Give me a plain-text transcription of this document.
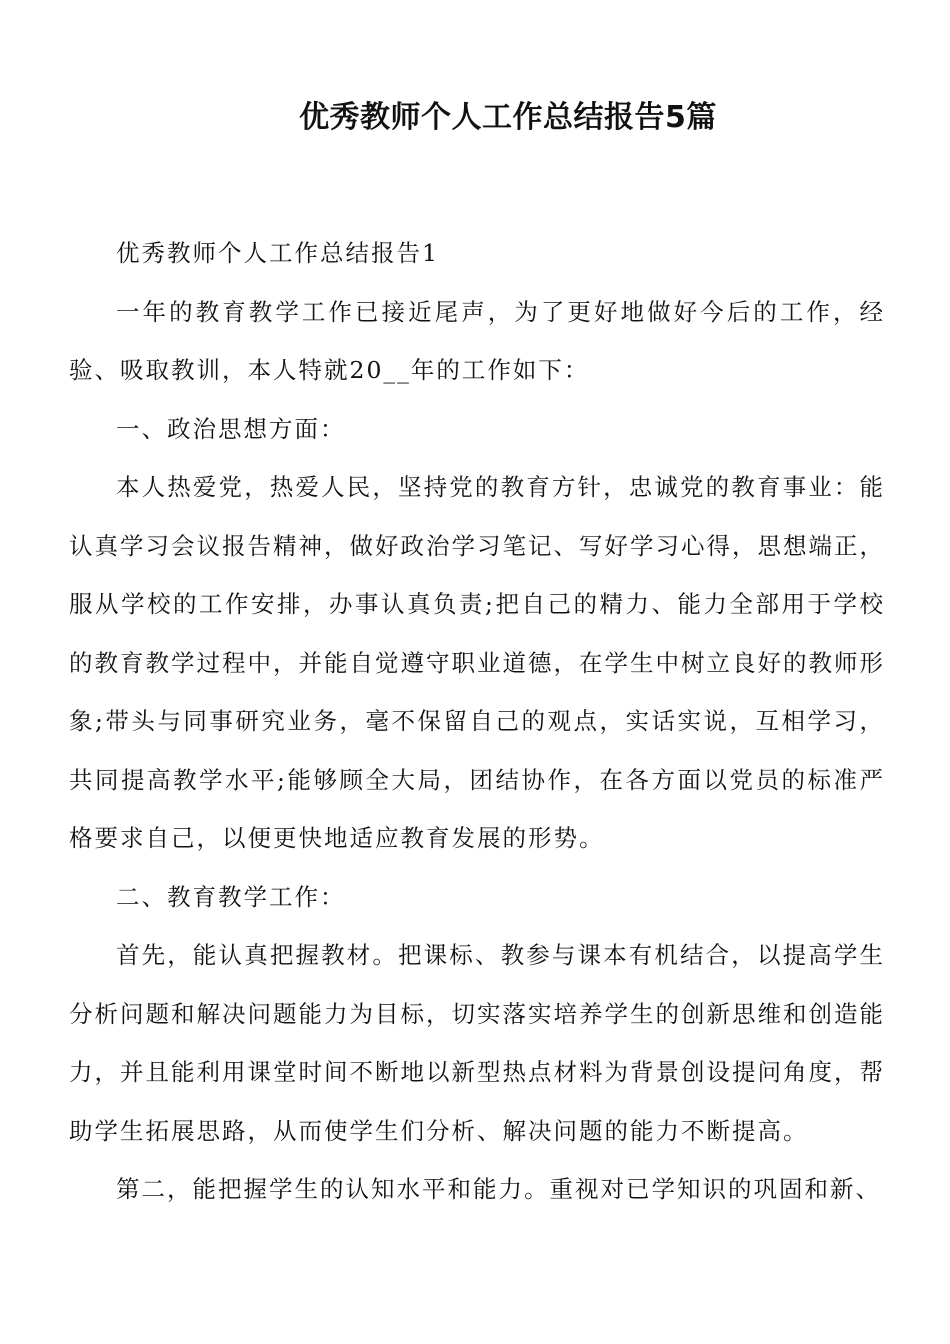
优秀教师个人工作总结报告5篇

优秀教师个人工作总结报告1

一年的教育教学工作已接近尾声，为了更好地做好今后的工作，经验、吸取教训，本人特就20__年的工作如下：

一、政治思想方面：

本人热爱党，热爱人民，坚持党的教育方针，忠诚党的教育事业：能认真学习会议报告精神，做好政治学习笔记、写好学习心得，思想端正，服从学校的工作安排，办事认真负责;把自己的精力、能力全部用于学校的教育教学过程中，并能自觉遵守职业道德，在学生中树立良好的教师形象;带头与同事研究业务，毫不保留自己的观点，实话实说，互相学习，共同提高教学水平;能够顾全大局，团结协作，在各方面以党员的标准严格要求自己，以便更快地适应教育发展的形势。

二、教育教学工作：

首先，能认真把握教材。把课标、教参与课本有机结合，以提高学生分析问题和解决问题能力为目标，切实落实培养学生的创新思维和创造能力，并且能利用课堂时间不断地以新型热点材料为背景创设提问角度，帮助学生拓展思路，从而使学生们分析、解决问题的能力不断提高。

第二，能把握学生的认知水平和能力。重视对已学知识的巩固和新、
